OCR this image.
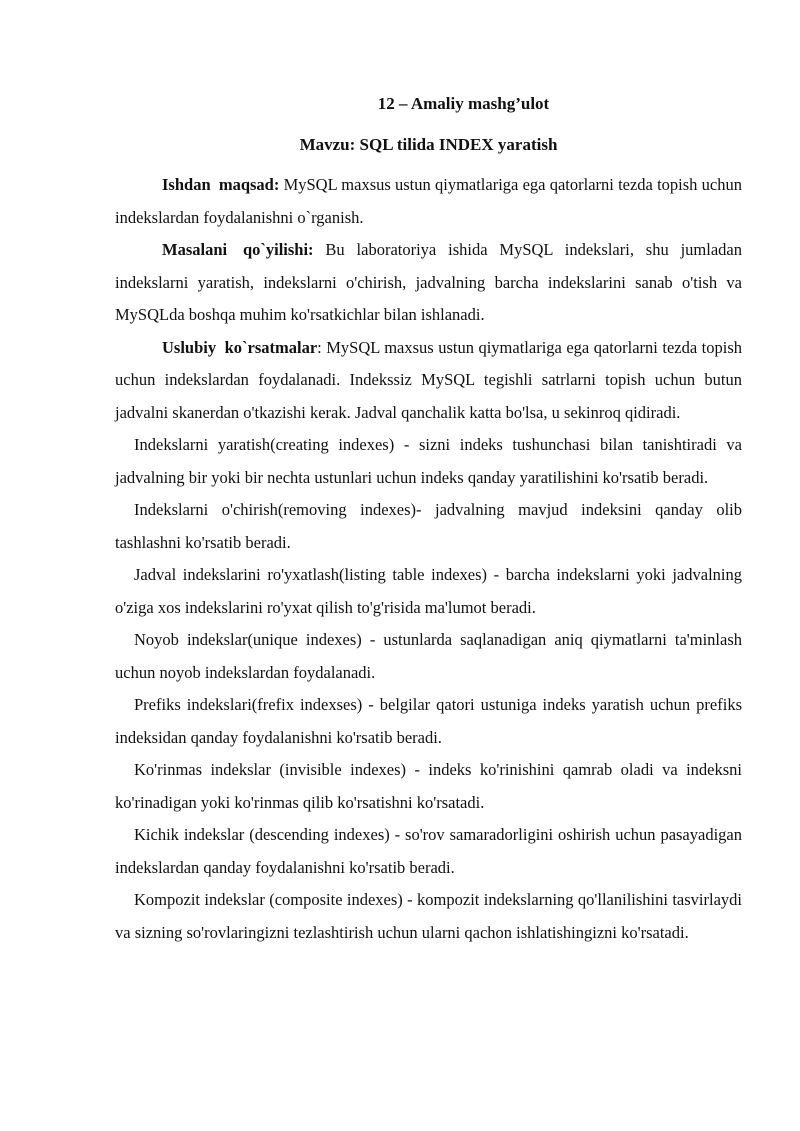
12 – Amaliy mashg’ulot

Mavzu: SQL tilida INDEX yaratish

Ishdan maqsad: MySQL maxsus ustun qiymatlariga ega qatorlarni tezda topish uchun indekslardan foydalanishni o`rganish.

Masalani qo`yilishi: Bu laboratoriya ishida MySQL indekslari, shu jumladan indekslarni yaratish, indekslarni o'chirish, jadvalning barcha indekslarini sanab o'tish va MySQLda boshqa muhim ko'rsatkichlar bilan ishlanadi.

Uslubiy ko`rsatmalar: MySQL maxsus ustun qiymatlariga ega qatorlarni tezda topish uchun indekslardan foydalanadi. Indekssiz MySQL tegishli satrlarni topish uchun butun jadvalni skanerdan o'tkazishi kerak. Jadval qanchalik katta bo'lsa, u sekinroq qidiradi.

Indekslarni yaratish(creating indexes) - sizni indeks tushunchasi bilan tanishtiradi va jadvalning bir yoki bir nechta ustunlari uchun indeks qanday yaratilishini ko'rsatib beradi.

Indekslarni o'chirish(removing indexes)- jadvalning mavjud indeksini qanday olib tashlashni ko'rsatib beradi.

Jadval indekslarini ro'yxatlash(listing table indexes) - barcha indekslarni yoki jadvalning o'ziga xos indekslarini ro'yxat qilish to'g'risida ma'lumot beradi.

Noyob indekslar(unique indexes) - ustunlarda saqlanadigan aniq qiymatlarni ta'minlash uchun noyob indekslardan foydalanadi.

Prefiks indekslari(frefix indexses) - belgilar qatori ustuniga indeks yaratish uchun prefiks indeksidan qanday foydalanishni ko'rsatib beradi.

Ko'rinmas indekslar (invisible indexes) - indeks ko'rinishini qamrab oladi va indeksni ko'rinadigan yoki ko'rinmas qilib ko'rsatishni ko'rsatadi.

Kichik indekslar (descending indexes) - so'rov samaradorligini oshirish uchun pasayadigan indekslardan qanday foydalanishni ko'rsatib beradi.

Kompozit indekslar (composite indexes) - kompozit indekslarning qo'llanilishini tasvirlaydi va sizning so'rovlaringizni tezlashtirish uchun ularni qachon ishlatishingizni ko'rsatadi.
